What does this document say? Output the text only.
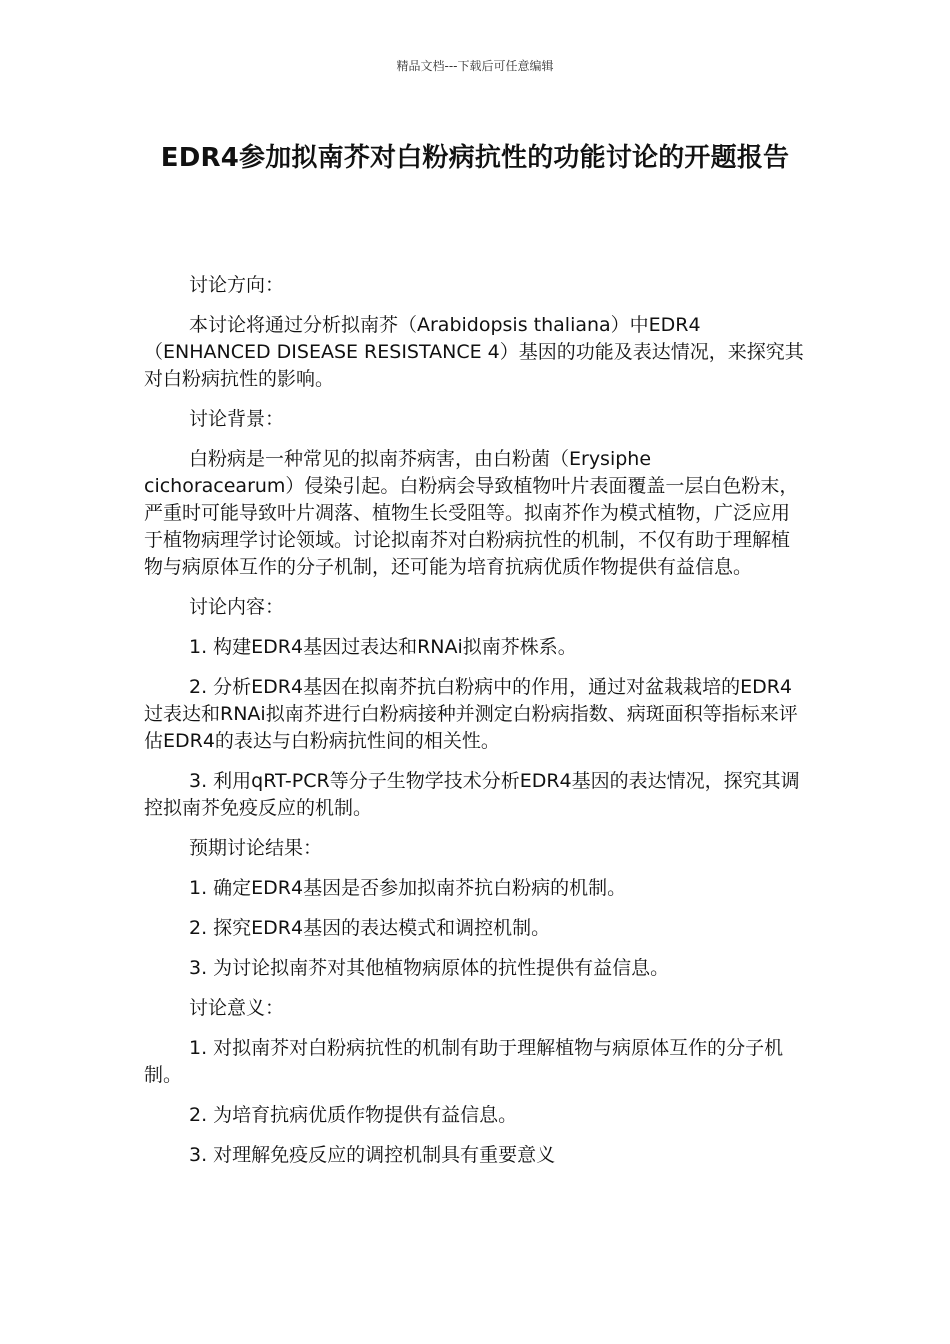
精品文档---下载后可任意编辑
EDR4参加拟南芥对白粉病抗性的功能讨论的开题报告

讨论方向：

本讨论将通过分析拟南芥（Arabidopsis thaliana）中EDR4（ENHANCED DISEASE RESISTANCE 4）基因的功能及表达情况，来探究其对白粉病抗性的影响。

讨论背景：

白粉病是一种常见的拟南芥病害，由白粉菌（Erysiphe cichoracearum）侵染引起。白粉病会导致植物叶片表面覆盖一层白色粉末，严重时可能导致叶片凋落、植物生长受阻等。拟南芥作为模式植物，广泛应用于植物病理学讨论领域。讨论拟南芥对白粉病抗性的机制，不仅有助于理解植物与病原体互作的分子机制，还可能为培育抗病优质作物提供有益信息。

讨论内容：

1. 构建EDR4基因过表达和RNAi拟南芥株系。

2. 分析EDR4基因在拟南芥抗白粉病中的作用，通过对盆栽栽培的EDR4过表达和RNAi拟南芥进行白粉病接种并测定白粉病指数、病斑面积等指标来评估EDR4的表达与白粉病抗性间的相关性。

3. 利用qRT-PCR等分子生物学技术分析EDR4基因的表达情况，探究其调控拟南芥免疫反应的机制。

预期讨论结果：

1. 确定EDR4基因是否参加拟南芥抗白粉病的机制。

2. 探究EDR4基因的表达模式和调控机制。

3. 为讨论拟南芥对其他植物病原体的抗性提供有益信息。

讨论意义：

1. 对拟南芥对白粉病抗性的机制有助于理解植物与病原体互作的分子机制。

2. 为培育抗病优质作物提供有益信息。

3. 对理解免疫反应的调控机制具有重要意义
